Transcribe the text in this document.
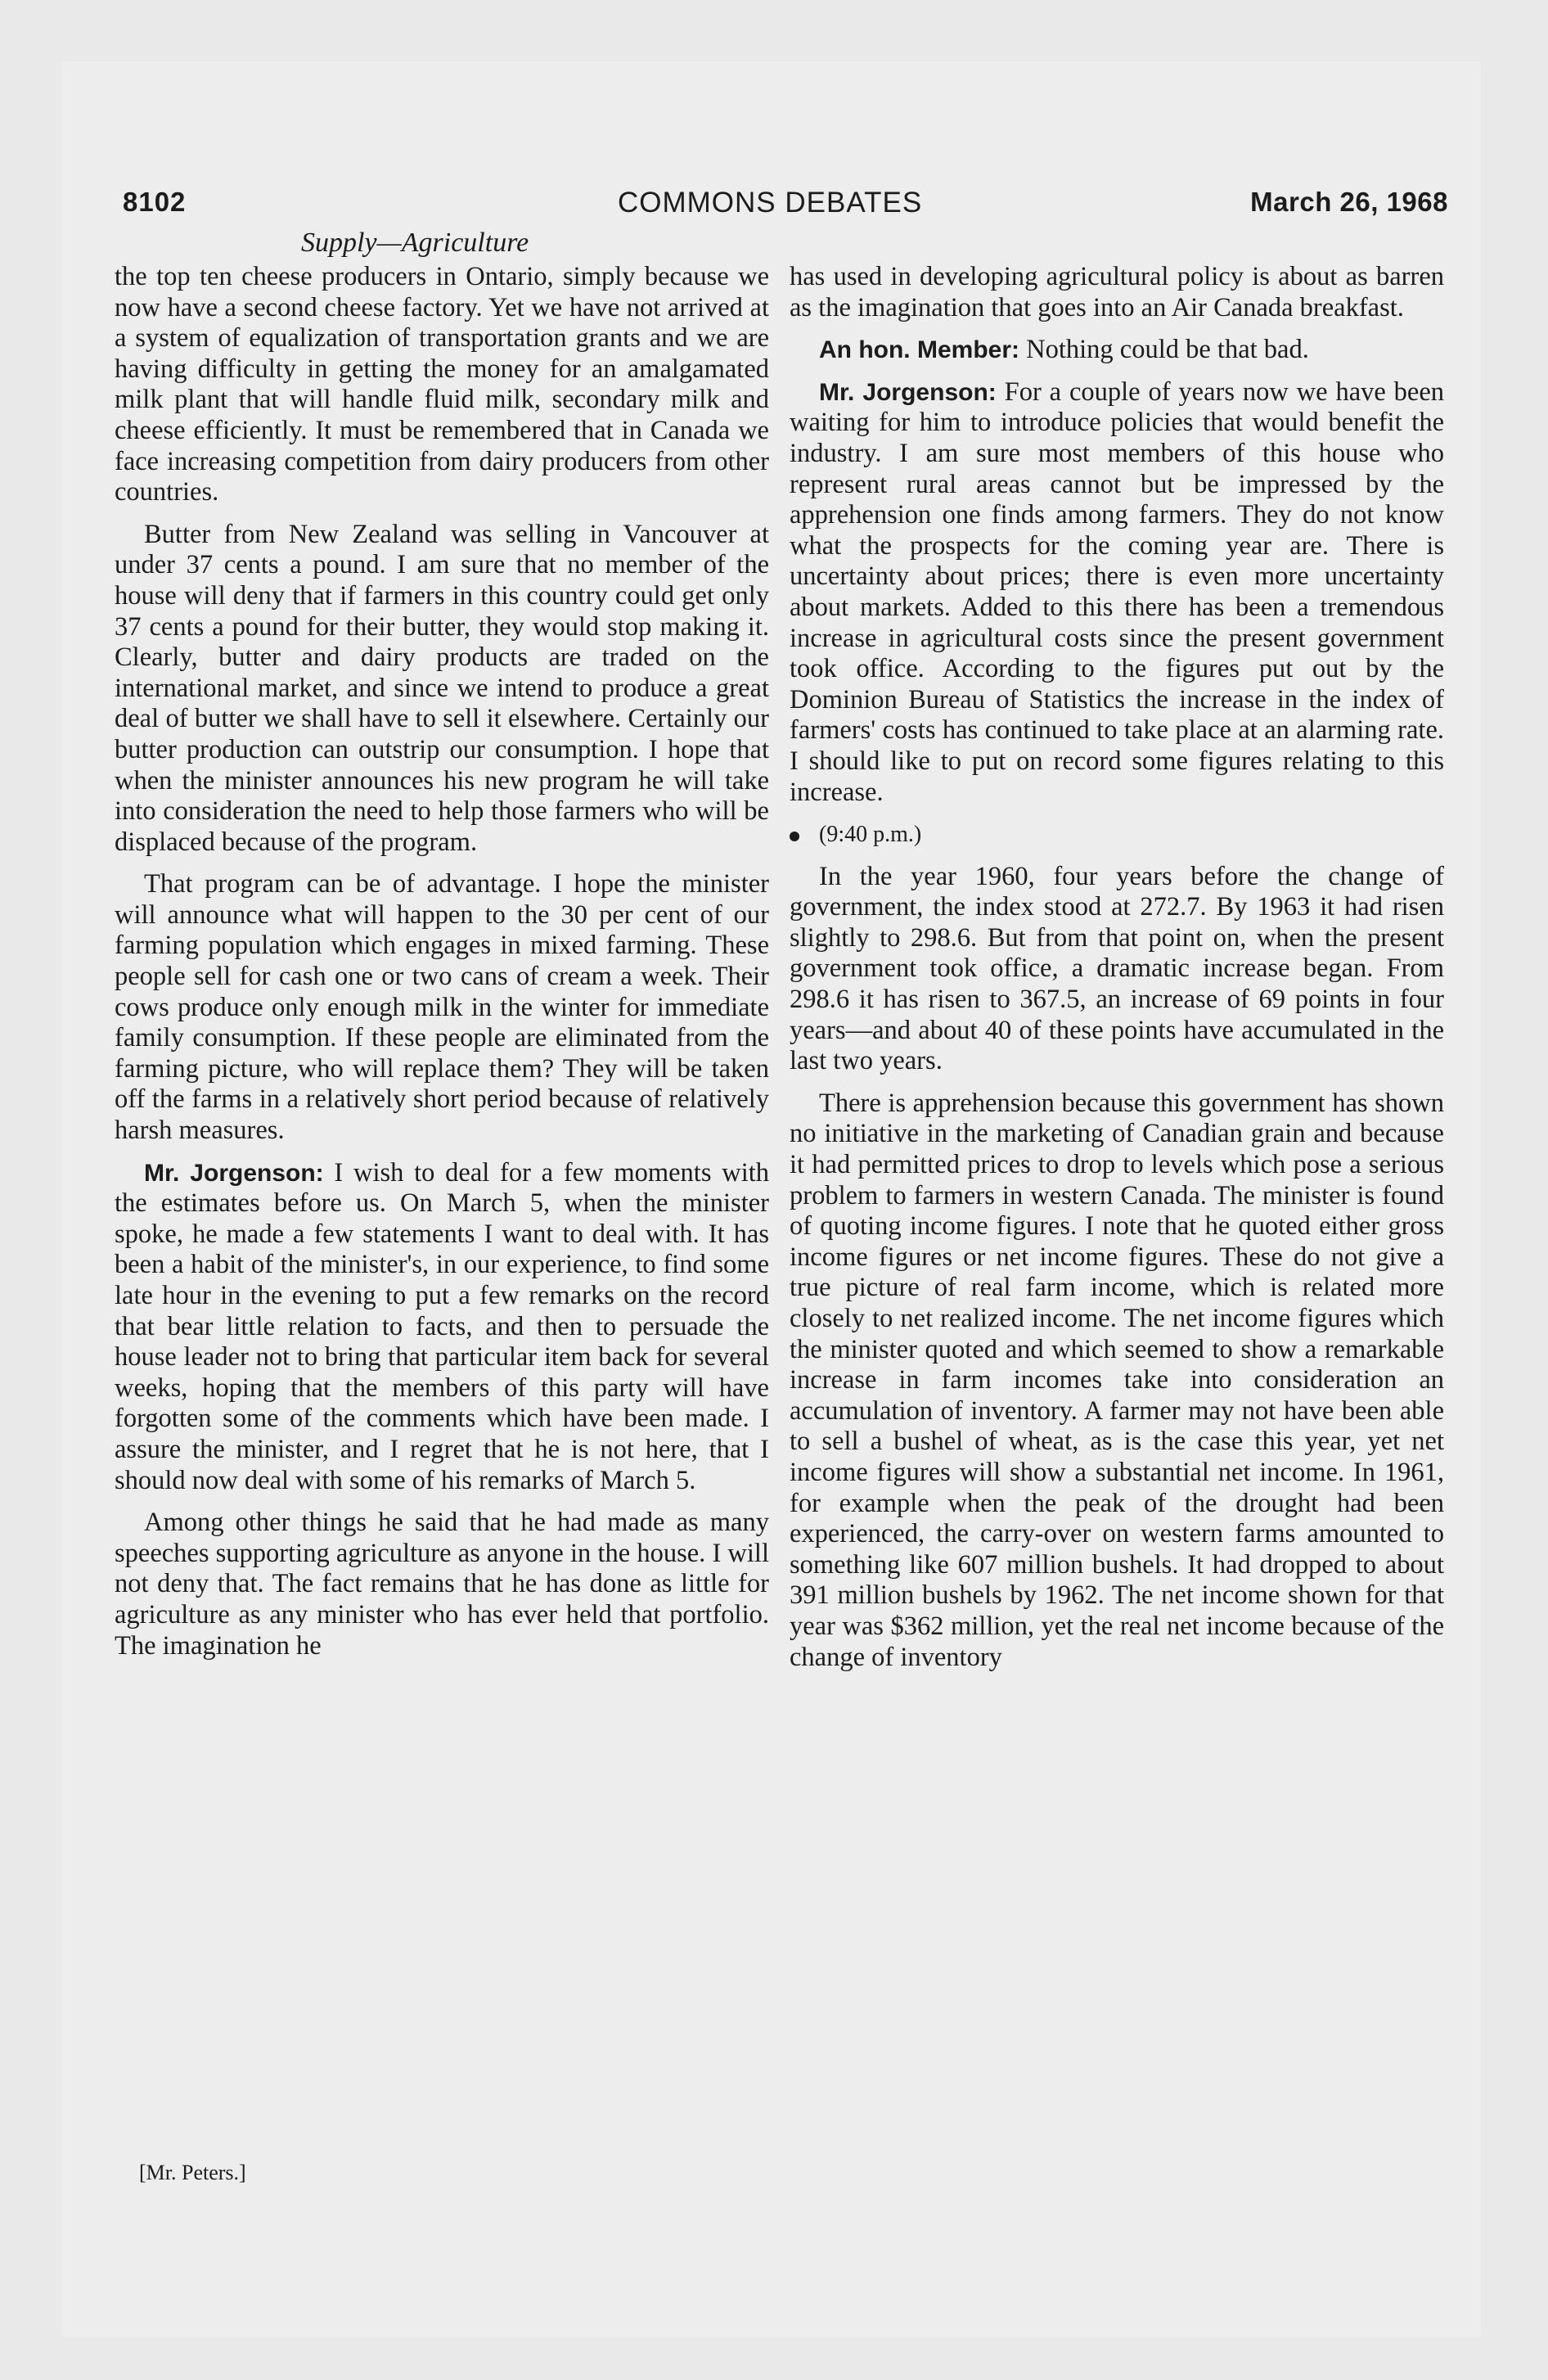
8102	COMMONS DEBATES	March 26, 1968
Supply—Agriculture

the top ten cheese producers in Ontario, simply because we now have a second cheese factory. Yet we have not arrived at a system of equalization of transportation grants and we are having difficulty in getting the money for an amalgamated milk plant that will handle fluid milk, secondary milk and cheese efficiently. It must be remembered that in Canada we face increasing competition from dairy producers from other countries.

Butter from New Zealand was selling in Vancouver at under 37 cents a pound. I am sure that no member of the house will deny that if farmers in this country could get only 37 cents a pound for their butter, they would stop making it. Clearly, butter and dairy products are traded on the international market, and since we intend to produce a great deal of butter we shall have to sell it elsewhere. Certainly our butter production can outstrip our consumption. I hope that when the minister announces his new program he will take into consideration the need to help those farmers who will be displaced because of the program.

That program can be of advantage. I hope the minister will announce what will happen to the 30 per cent of our farming population which engages in mixed farming. These people sell for cash one or two cans of cream a week. Their cows produce only enough milk in the winter for immediate family consumption. If these people are eliminated from the farming picture, who will replace them? They will be taken off the farms in a relatively short period because of relatively harsh measures.

Mr. Jorgenson: I wish to deal for a few moments with the estimates before us. On March 5, when the minister spoke, he made a few statements I want to deal with. It has been a habit of the minister's, in our experience, to find some late hour in the evening to put a few remarks on the record that bear little relation to facts, and then to persuade the house leader not to bring that particular item back for several weeks, hoping that the members of this party will have forgotten some of the comments which have been made. I assure the minister, and I regret that he is not here, that I should now deal with some of his remarks of March 5.

Among other things he said that he had made as many speeches supporting agriculture as anyone in the house. I will not deny that. The fact remains that he has done as little for agriculture as any minister who has ever held that portfolio. The imagination he

has used in developing agricultural policy is about as barren as the imagination that goes into an Air Canada breakfast.

An hon. Member: Nothing could be that bad.

Mr. Jorgenson: For a couple of years now we have been waiting for him to introduce policies that would benefit the industry. I am sure most members of this house who represent rural areas cannot but be impressed by the apprehension one finds among farmers. They do not know what the prospects for the coming year are. There is uncertainty about prices; there is even more uncertainty about markets. Added to this there has been a tremendous increase in agricultural costs since the present government took office. According to the figures put out by the Dominion Bureau of Statistics the increase in the index of farmers' costs has continued to take place at an alarming rate. I should like to put on record some figures relating to this increase.

(9:40 p.m.)

In the year 1960, four years before the change of government, the index stood at 272.7. By 1963 it had risen slightly to 298.6. But from that point on, when the present government took office, a dramatic increase began. From 298.6 it has risen to 367.5, an increase of 69 points in four years—and about 40 of these points have accumulated in the last two years.

There is apprehension because this government has shown no initiative in the marketing of Canadian grain and because it had permitted prices to drop to levels which pose a serious problem to farmers in western Canada. The minister is found of quoting income figures. I note that he quoted either gross income figures or net income figures. These do not give a true picture of real farm income, which is related more closely to net realized income. The net income figures which the minister quoted and which seemed to show a remarkable increase in farm incomes take into consideration an accumulation of inventory. A farmer may not have been able to sell a bushel of wheat, as is the case this year, yet net income figures will show a substantial net income. In 1961, for example when the peak of the drought had been experienced, the carry-over on western farms amounted to something like 607 million bushels. It had dropped to about 391 million bushels by 1962. The net income shown for that year was $362 million, yet the real net income because of the change of inventory

[Mr. Peters.]
